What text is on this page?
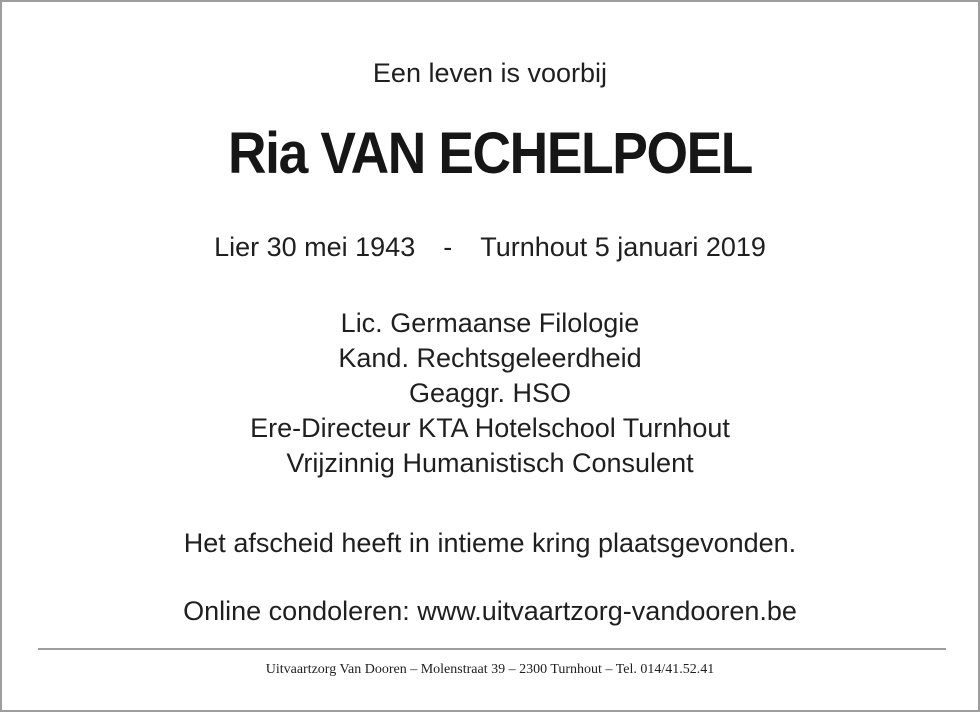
Een leven is voorbij
Ria VAN ECHELPOEL
Lier 30 mei 1943 - Turnhout 5 januari 2019
Lic. Germaanse Filologie
Kand. Rechtsgeleerdheid
Geaggr. HSO
Ere-Directeur KTA Hotelschool Turnhout
Vrijzinnig Humanistisch Consulent
Het afscheid heeft in intieme kring plaatsgevonden.
Online condoleren: www.uitvaartzorg-vandooren.be
Uitvaartzorg Van Dooren – Molenstraat 39 – 2300 Turnhout – Tel. 014/41.52.41
